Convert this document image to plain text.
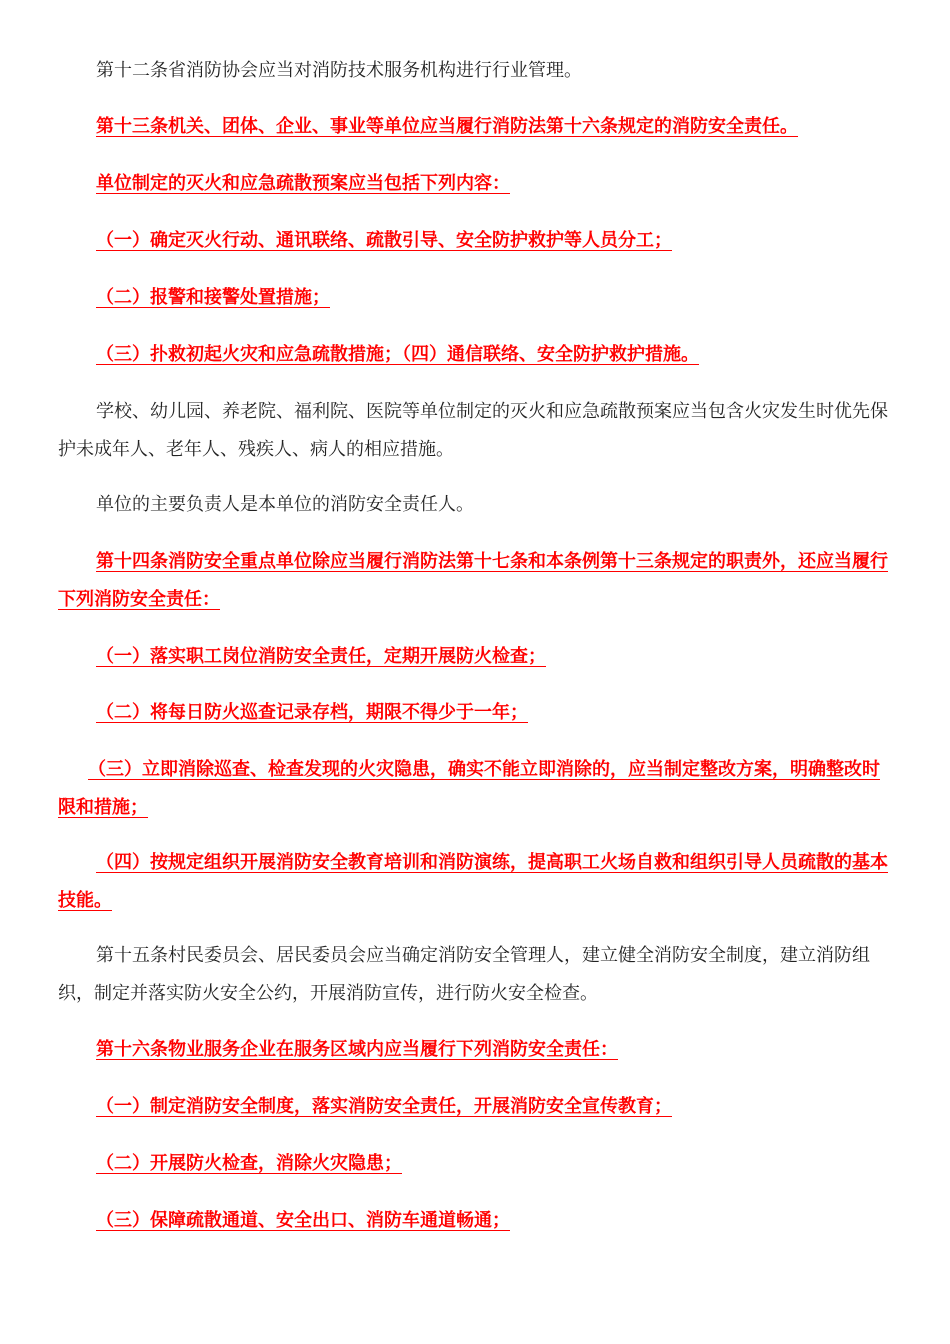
第十二条省消防协会应当对消防技术服务机构进行行业管理。

第十三条机关、团体、企业、事业等单位应当履行消防法第十六条规定的消防安全责任。

单位制定的灭火和应急疏散预案应当包括下列内容：

（一）确定灭火行动、通讯联络、疏散引导、安全防护救护等人员分工；

（二）报警和接警处置措施；

（三）扑救初起火灾和应急疏散措施；（四）通信联络、安全防护救护措施。

学校、幼儿园、养老院、福利院、医院等单位制定的灭火和应急疏散预案应当包含火灾发生时优先保护未成年人、老年人、残疾人、病人的相应措施。

单位的主要负责人是本单位的消防安全责任人。

第十四条消防安全重点单位除应当履行消防法第十七条和本条例第十三条规定的职责外，还应当履行下列消防安全责任：

（一）落实职工岗位消防安全责任，定期开展防火检查；

（二）将每日防火巡查记录存档，期限不得少于一年；

（三）立即消除巡查、检查发现的火灾隐患，确实不能立即消除的，应当制定整改方案，明确整改时限和措施；

（四）按规定组织开展消防安全教育培训和消防演练，提高职工火场自救和组织引导人员疏散的基本技能。

第十五条村民委员会、居民委员会应当确定消防安全管理人，建立健全消防安全制度，建立消防组织，制定并落实防火安全公约，开展消防宣传，进行防火安全检查。

第十六条物业服务企业在服务区域内应当履行下列消防安全责任：

（一）制定消防安全制度，落实消防安全责任，开展消防安全宣传教育；

（二）开展防火检查，消除火灾隐患；

（三）保障疏散通道、安全出口、消防车通道畅通；
